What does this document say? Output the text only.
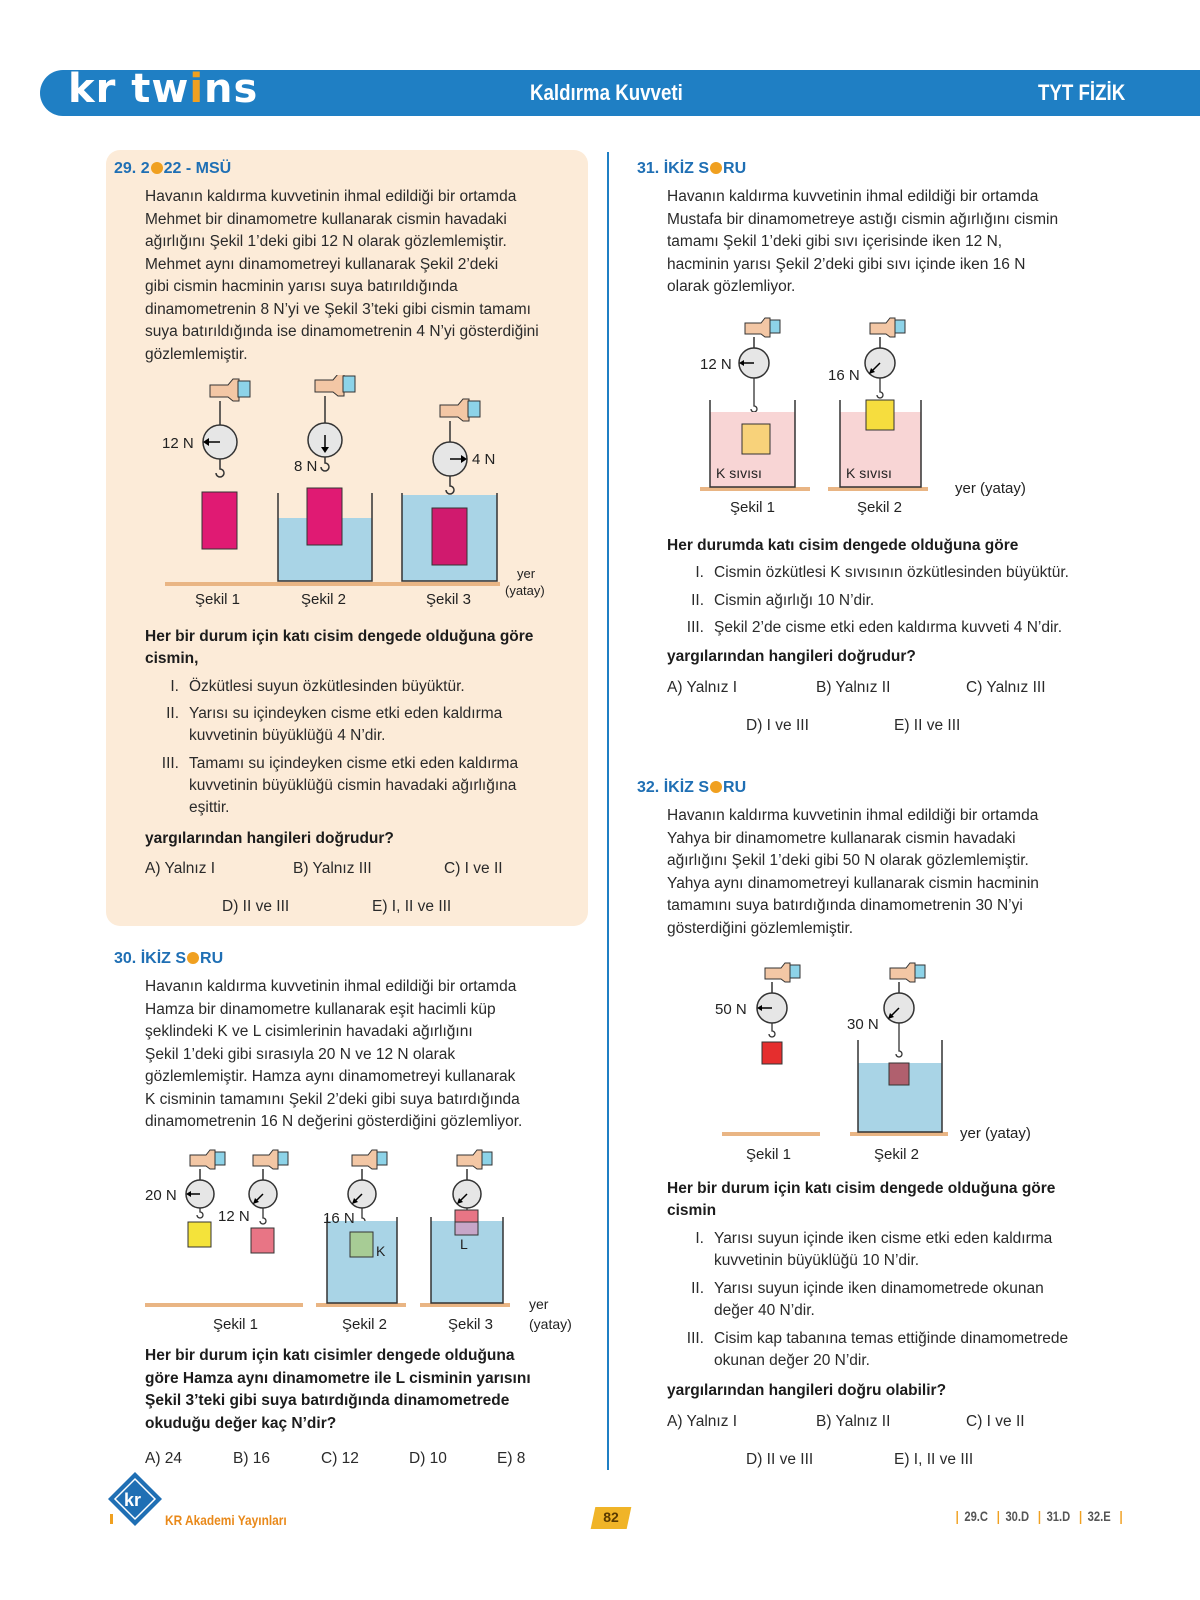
kr twins	Kaldırma Kuvveti	TYT FİZİK
29. 2 22 - MSÜ
Havanın kaldırma kuvvetinin ihmal edildiği bir ortamda
Mehmet bir dinamometre kullanarak cismin havadaki
ağırlığını Şekil 1’deki gibi 12 N olarak gözlemlemiştir.
Mehmet aynı dinamometreyi kullanarak Şekil 2’deki
gibi cismin hacminin yarısı suya batırıldığında
dinamometrenin 8 N’yi ve Şekil 3’teki gibi cismin tamamı
suya batırıldığında ise dinamometrenin 4 N’yi gösterdiğini
gözlemlemiştir.
12 N
8 N	4 N
Şekil 1	Şekil 2	Şekil 3
yer
(yatay)
Her bir durum için katı cisim dengede olduğuna göre
cismin,
I. Özkütlesi suyun özkütlesinden büyüktür.
II. Yarısı su içindeyken cisme etki eden kaldırma
kuvvetinin büyüklüğü 4 N’dir.
III. Tamamı su içindeyken cisme etki eden kaldırma
kuvvetinin büyüklüğü cismin havadaki ağırlığına
eşittir.
yargılarından hangileri doğrudur?
A) Yalnız I	B) Yalnız III	C) I ve II
D) II ve III	E) I, II ve III
30. İKİZ S RU
Havanın kaldırma kuvvetinin ihmal edildiği bir ortamda
Hamza bir dinamometre kullanarak eşit hacimli küp
şeklindeki K ve L cisimlerinin havadaki ağırlığını
Şekil 1’deki gibi sırasıyla 20 N ve 12 N olarak
gözlemlemiştir. Hamza aynı dinamometreyi kullanarak
K cisminin tamamını Şekil 2’deki gibi suya batırdığında
dinamometrenin 16 N değerini gösterdiğini gözlemliyor.
20 N
12 N	16 N
K	L
Şekil 1	Şekil 2	Şekil 3
yer
(yatay)
Her bir durum için katı cisimler dengede olduğuna
göre Hamza aynı dinamometre ile L cisminin yarısını
Şekil 3’teki gibi suya batırdığında dinamometrede
okuduğu değer kaç N’dir?
A) 24	B) 16	C) 12	D) 10	E) 8
31. İKİZ S RU
Havanın kaldırma kuvvetinin ihmal edildiği bir ortamda
Mustafa bir dinamometreye astığı cismin ağırlığını cismin
tamamı Şekil 1’deki gibi sıvı içerisinde iken 12 N,
hacminin yarısı Şekil 2’deki gibi sıvı içinde iken 16 N
olarak gözlemliyor.
12 N
16 N
K sıvısı	K sıvısı
Şekil 1	Şekil 2
yer (yatay)
Her durumda katı cisim dengede olduğuna göre
I. Cismin özkütlesi K sıvısının özkütlesinden büyüktür.
II. Cismin ağırlığı 10 N’dir.
III. Şekil 2’de cisme etki eden kaldırma kuvveti 4 N’dir.
yargılarından hangileri doğrudur?
A) Yalnız I	B) Yalnız II	C) Yalnız III
D) I ve III	E) II ve III
32. İKİZ S RU
Havanın kaldırma kuvvetinin ihmal edildiği bir ortamda
Yahya bir dinamometre kullanarak cismin havadaki
ağırlığını Şekil 1’deki gibi 50 N olarak gözlemlemiştir.
Yahya aynı dinamometreyi kullanarak cismin hacminin
tamamını suya batırdığında dinamometrenin 30 N’yi
gösterdiğini gözlemlemiştir.
50 N
30 N
Şekil 1	Şekil 2
yer (yatay)
Her bir durum için katı cisim dengede olduğuna göre
cismin
I. Yarısı suyun içinde iken cisme etki eden kaldırma
kuvvetinin büyüklüğü 10 N’dir.
II. Yarısı suyun içinde iken dinamometrede okunan
değer 40 N’dir.
III. Cisim kap tabanına temas ettiğinde dinamometrede
okunan değer 20 N’dir.
yargılarından hangileri doğru olabilir?
A) Yalnız I	B) Yalnız II	C) I ve II
D) II ve III	E) I, II ve III
kr
KR Akademi Yayınları	82	| 29.C | 30.D | 31.D | 32.E |
